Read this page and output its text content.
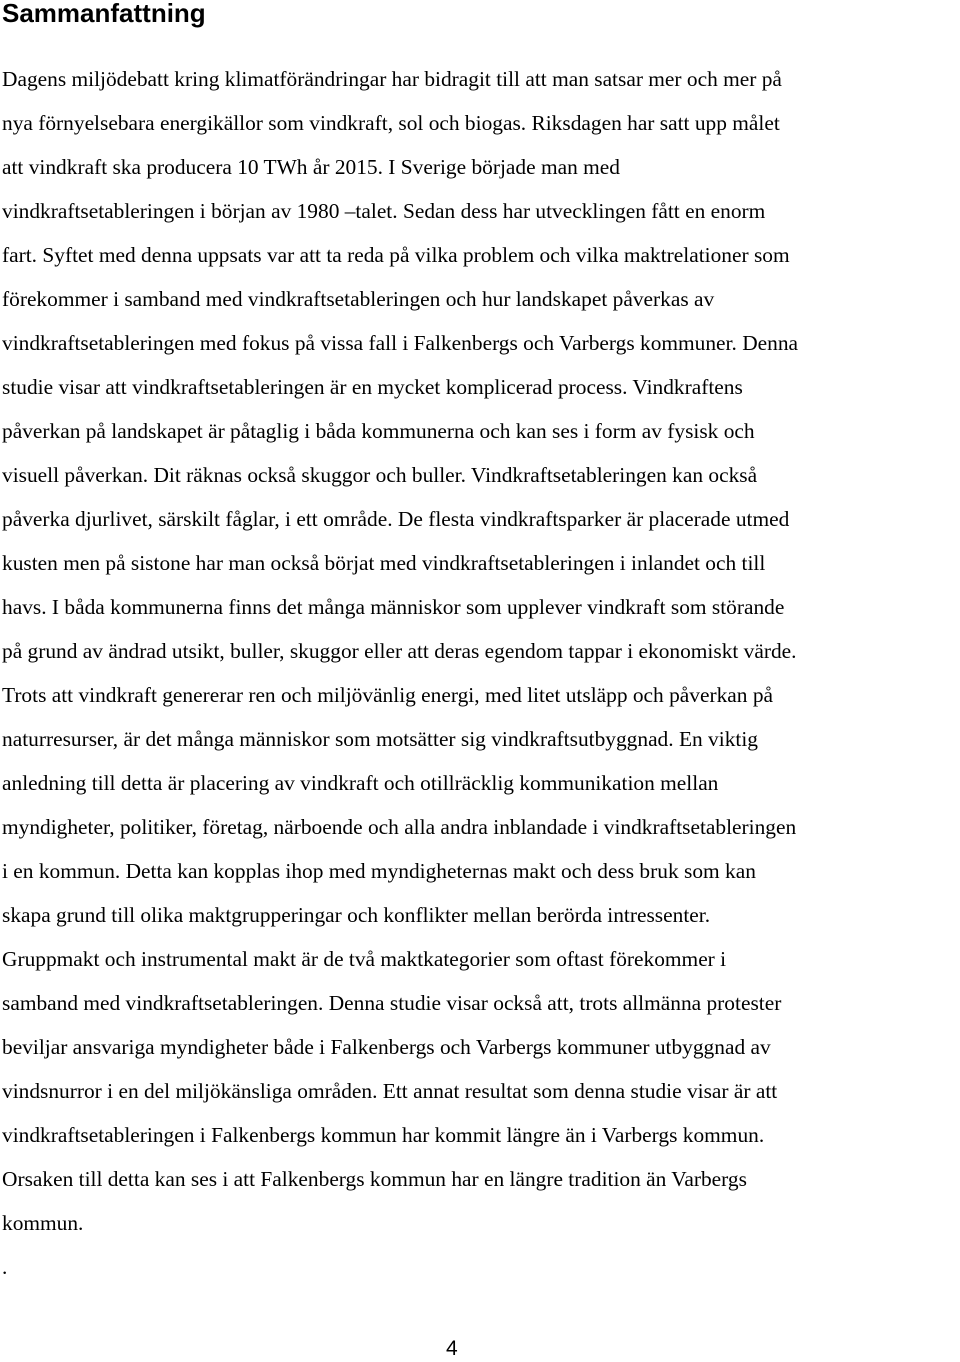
Sammanfattning
Dagens miljödebatt kring klimatförändringar har bidragit till att man satsar mer och mer på
nya förnyelsebara energikällor som vindkraft, sol och biogas. Riksdagen har satt upp målet
att vindkraft ska producera 10 TWh år 2015. I Sverige började man med
vindkraftsetableringen i början av 1980 –talet. Sedan dess har utvecklingen fått en enorm
fart. Syftet med denna uppsats var att ta reda på vilka problem och vilka maktrelationer som
förekommer i samband med vindkraftsetableringen och hur landskapet påverkas av
vindkraftsetableringen med fokus på vissa fall i Falkenbergs och Varbergs kommuner. Denna
studie visar att vindkraftsetableringen är en mycket komplicerad process. Vindkraftens
påverkan på landskapet är påtaglig i båda kommunerna och kan ses i form av fysisk och
visuell påverkan. Dit räknas också skuggor och buller. Vindkraftsetableringen kan också
påverka djurlivet, särskilt fåglar, i ett område. De flesta vindkraftsparker är placerade utmed
kusten men på sistone har man också börjat med vindkraftsetableringen i inlandet och till
havs. I båda kommunerna finns det många människor som upplever vindkraft som störande
på grund av ändrad utsikt, buller, skuggor eller att deras egendom tappar i ekonomiskt värde.
Trots att vindkraft genererar ren och miljövänlig energi, med litet utsläpp och påverkan på
naturresurser, är det många människor som motsätter sig vindkraftsutbyggnad. En viktig
anledning till detta är placering av vindkraft och otillräcklig kommunikation mellan
myndigheter, politiker, företag, närboende och alla andra inblandade i vindkraftsetableringen
i en kommun. Detta kan kopplas ihop med myndigheternas makt och dess bruk som kan
skapa grund till olika maktgrupperingar och konflikter mellan berörda intressenter.
Gruppmakt och instrumental makt är de två maktkategorier som oftast förekommer i
samband med vindkraftsetableringen. Denna studie visar också att, trots allmänna protester
beviljar ansvariga myndigheter både i Falkenbergs och Varbergs kommuner utbyggnad av
vindsnurror i en del miljökänsliga områden. Ett annat resultat som denna studie visar är att
vindkraftsetableringen i Falkenbergs kommun har kommit längre än i Varbergs kommun.
Orsaken till detta kan ses i att Falkenbergs kommun har en längre tradition än Varbergs
kommun.
.
4
